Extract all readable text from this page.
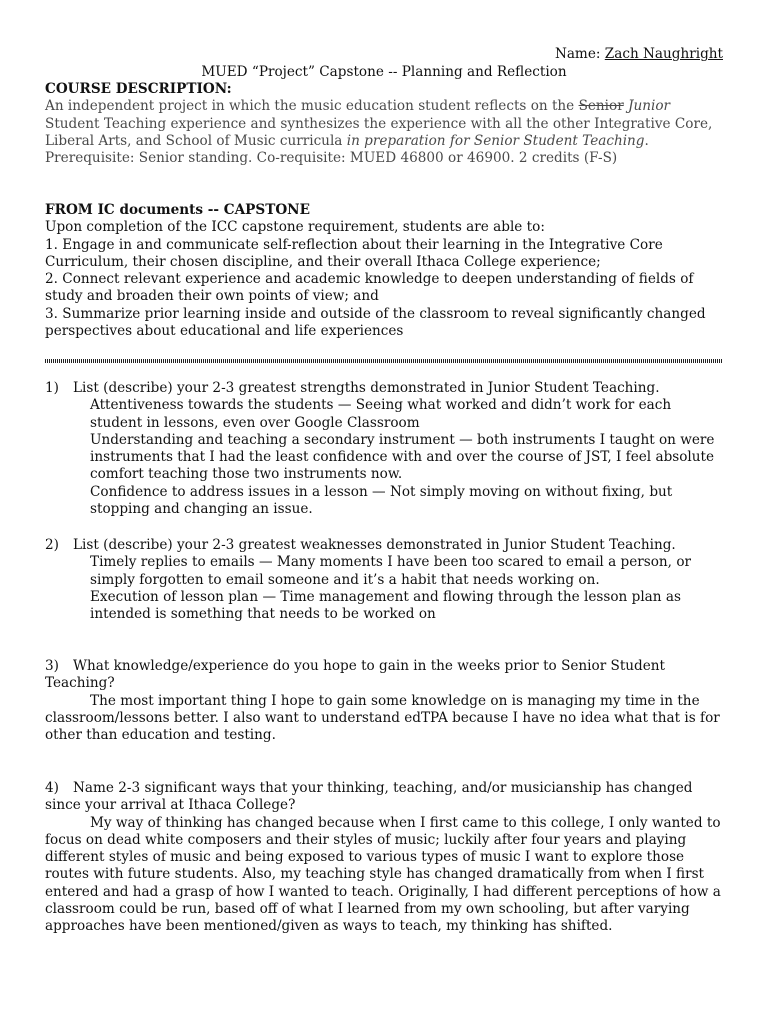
Name: Zach Naughright
MUED “Project” Capstone -- Planning and Reflection
COURSE DESCRIPTION:
An independent project in which the music education student reflects on the Senior Junior Student Teaching experience and synthesizes the experience with all the other Integrative Core, Liberal Arts, and School of Music curricula in preparation for Senior Student Teaching. Prerequisite: Senior standing. Co-requisite: MUED 46800 or 46900. 2 credits (F-S)
FROM IC documents -- CAPSTONE
Upon completion of the ICC capstone requirement, students are able to:
1. Engage in and communicate self-reflection about their learning in the Integrative Core Curriculum, their chosen discipline, and their overall Ithaca College experience;
2. Connect relevant experience and academic knowledge to deepen understanding of fields of study and broaden their own points of view; and
3. Summarize prior learning inside and outside of the classroom to reveal significantly changed perspectives about educational and life experiences
1) List (describe) your 2-3 greatest strengths demonstrated in Junior Student Teaching.
Attentiveness towards the students — Seeing what worked and didn’t work for each student in lessons, even over Google Classroom
Understanding and teaching a secondary instrument — both instruments I taught on were instruments that I had the least confidence with and over the course of JST, I feel absolute comfort teaching those two instruments now.
Confidence to address issues in a lesson — Not simply moving on without fixing, but stopping and changing an issue.
2) List (describe) your 2-3 greatest weaknesses demonstrated in Junior Student Teaching.
Timely replies to emails — Many moments I have been too scared to email a person, or simply forgotten to email someone and it’s a habit that needs working on.
Execution of lesson plan — Time management and flowing through the lesson plan as intended is something that needs to be worked on
3) What knowledge/experience do you hope to gain in the weeks prior to Senior Student Teaching?

The most important thing I hope to gain some knowledge on is managing my time in the classroom/lessons better. I also want to understand edTPA because I have no idea what that is for other than education and testing.

4) Name 2-3 significant ways that your thinking, teaching, and/or musicianship has changed since your arrival at Ithaca College?

My way of thinking has changed because when I first came to this college, I only wanted to focus on dead white composers and their styles of music; luckily after four years and playing different styles of music and being exposed to various types of music I want to explore those routes with future students. Also, my teaching style has changed dramatically from when I first entered and had a grasp of how I wanted to teach. Originally, I had different perceptions of how a classroom could be run, based off of what I learned from my own schooling, but after varying approaches have been mentioned/given as ways to teach, my thinking has shifted.
